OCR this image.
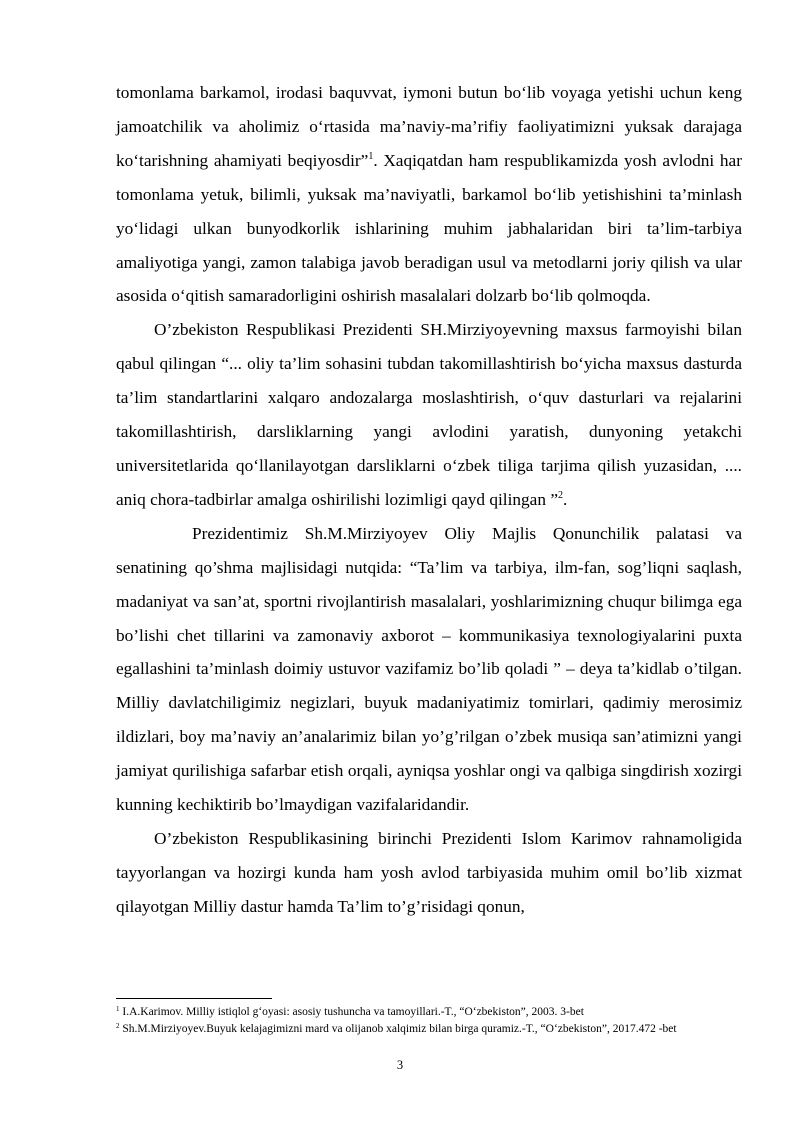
tomonlama barkamol, irodasi baquvvat, iymoni butun bo‘lib voyaga yetishi uchun keng jamoatchilik va aholimiz o‘rtasida ma’naviy-ma’rifiy faoliyatimizni yuksak darajaga ko‘tarishning ahamiyati beqiyosdir”$^1$. Xaqiqatdan ham respublikamizda yosh avlodni har tomonlama yetuk, bilimli, yuksak ma’naviyatli, barkamol bo‘lib yetishishini ta’minlash yo‘lidagi ulkan bunyodkorlik ishlarining muhim jabhalaridan biri ta’lim-tarbiya amaliyotiga yangi, zamon talabiga javob beradigan usul va metodlarni joriy qilish va ular asosida o‘qitish samaradorligini oshirish masalalari dolzarb bo‘lib qolmoqda.

O’zbekiston Respublikasi Prezidenti SH.Mirziyoyevning maxsus farmoyishi bilan qabul qilingan “... oliy ta’lim sohasini tubdan takomillashtirish bo‘yicha maxsus dasturda ta’lim standartlarini xalqaro andozalarga moslashtirish, o‘quv dasturlari va rejalarini takomillashtirish, darsliklarning yangi avlodini yaratish, dunyoning yetakchi universitetlarida qo‘llanilayotgan darsliklarni o‘zbek tiliga tarjima qilish yuzasidan, .... aniq chora-tadbirlar amalga oshirilishi lozimligi qayd qilingan ”$^2$.

Prezidentimiz Sh.M.Mirziyoyev Oliy Majlis Qonunchilik palatasi va senatining qo’shma majlisidagi nutqida: “Ta’lim va tarbiya, ilm-fan, sog’liqni saqlash, madaniyat va san’at, sportni rivojlantirish masalalari, yoshlarimizning chuqur bilimga ega bo’lishi chet tillarini va zamonaviy axborot – kommunikasiya texnologiyalarini puxta egallashini ta’minlash doimiy ustuvor vazifamiz bo’lib qoladi ” – deya ta’kidlab o’tilgan. Milliy davlatchiligimiz negizlari, buyuk madaniyatimiz tomirlari, qadimiy merosimiz ildizlari, boy ma’naviy an’analarimiz bilan yo’g’rilgan o’zbek musiqa san’atimizni yangi jamiyat qurilishiga safarbar etish orqali, ayniqsa yoshlar ongi va qalbiga singdirish xozirgi kunning kechiktirib bo’lmaydigan vazifalaridandir.

O’zbekiston Respublikasining birinchi Prezidenti Islom Karimov rahnamoligida tayyorlangan va hozirgi kunda ham yosh avlod tarbiyasida muhim omil bo’lib xizmat qilayotgan Milliy dastur hamda Ta’lim to’g’risidagi qonun,

$^1$ I.A.Karimov. Milliy istiqlol g‘oyasi: asosiy tushuncha va tamoyillari.-T., “O‘zbekiston”, 2003. 3-bet

$^2$ Sh.M.Mirziyoyev.Buyuk kelajagimizni mard va olijanob xalqimiz bilan birga quramiz.-T., “O‘zbekiston”, 2017.472 -bet

3
